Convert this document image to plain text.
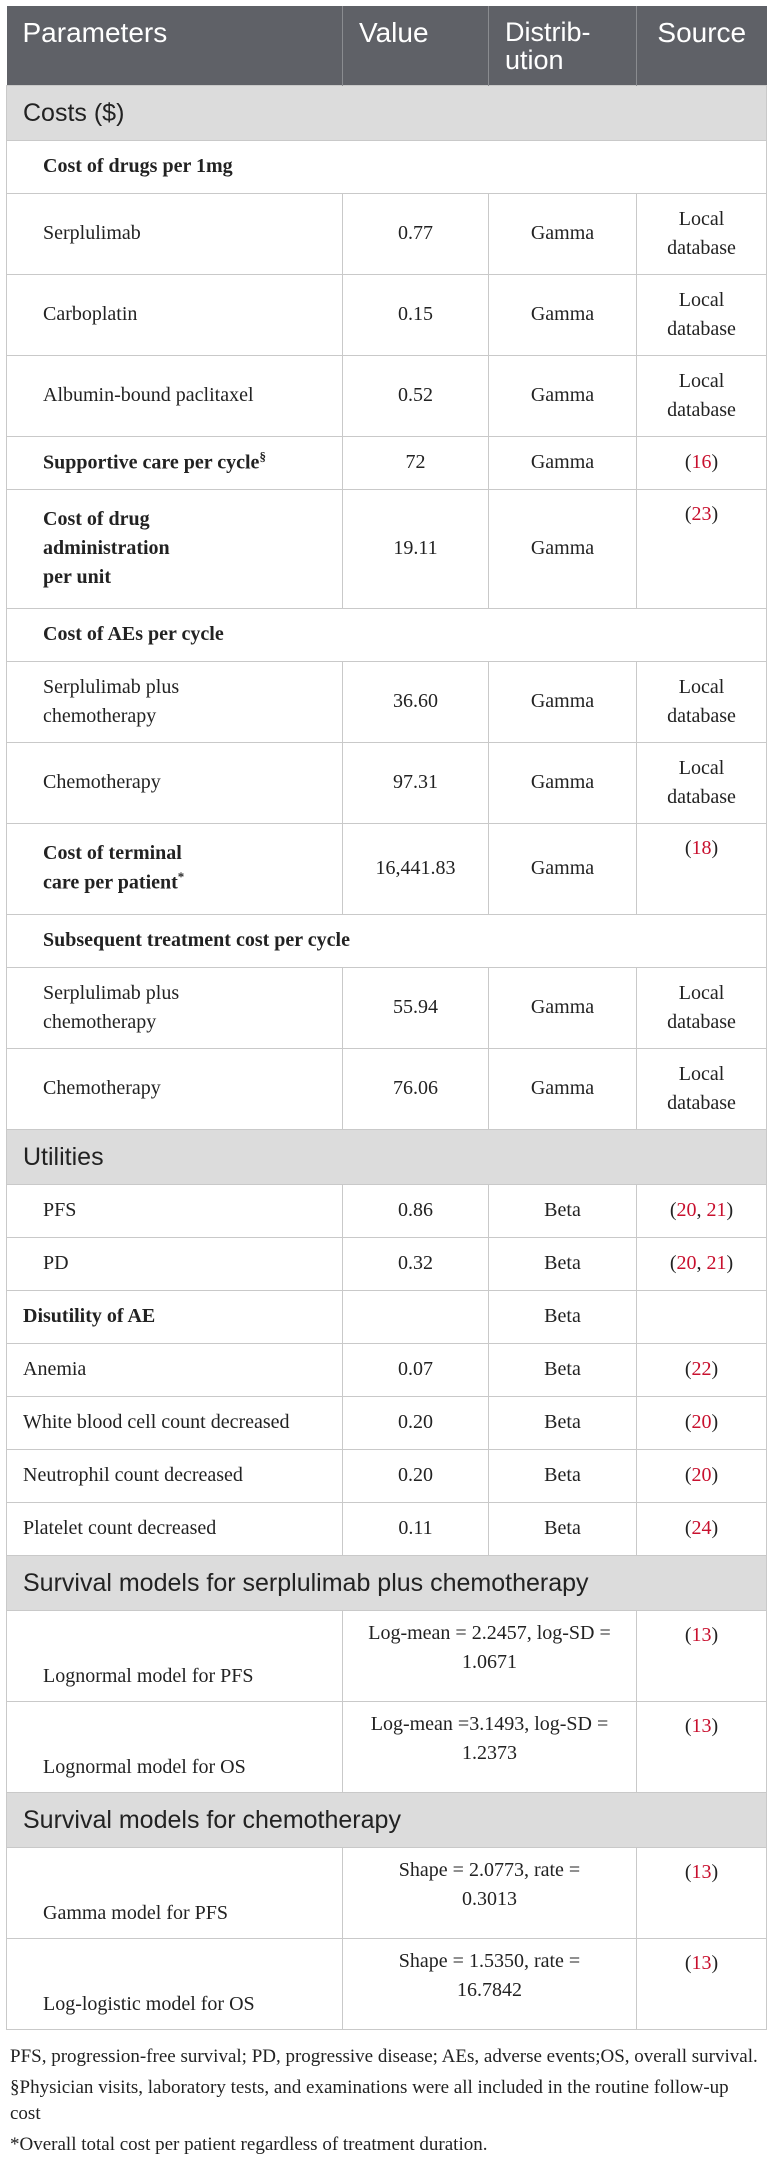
Parameters	Value	Distrib-ution	Source
Costs ($)			
Cost of drugs per 1mg			
Serplulimab	0.77	Gamma	Local database
Carboplatin	0.15	Gamma	Local database
Albumin-bound paclitaxel	0.52	Gamma	Local database
Supportive care per cycle§	72	Gamma	(16)
Cost of drug administration per unit	19.11	Gamma	(23)
Cost of AEs per cycle			
Serplulimab plus chemotherapy	36.60	Gamma	Local database
Chemotherapy	97.31	Gamma	Local database
Cost of terminal care per patient*	16,441.83	Gamma	(18)
Subsequent treatment cost per cycle			
Serplulimab plus chemotherapy	55.94	Gamma	Local database
Chemotherapy	76.06	Gamma	Local database
Utilities			
PFS	0.86	Beta	(20, 21)
PD	0.32	Beta	(20, 21)
Disutility of AE		Beta	
Anemia	0.07	Beta	(22)
White blood cell count decreased	0.20	Beta	(20)
Neutrophil count decreased	0.20	Beta	(20)
Platelet count decreased	0.11	Beta	(24)
Survival models for serplulimab plus chemotherapy			
Lognormal model for PFS	Log-mean = 2.2457, log-SD = 1.0671		(13)
Lognormal model for OS	Log-mean =3.1493, log-SD = 1.2373		(13)
Survival models for chemotherapy			
Gamma model for PFS	Shape = 2.0773, rate = 0.3013		(13)
Log-logistic model for OS	Shape = 1.5350, rate = 16.7842		(13)

PFS, progression-free survival; PD, progressive disease; AEs, adverse events;OS, overall survival.

§Physician visits, laboratory tests, and examinations were all included in the routine follow-up cost

*Overall total cost per patient regardless of treatment duration.
